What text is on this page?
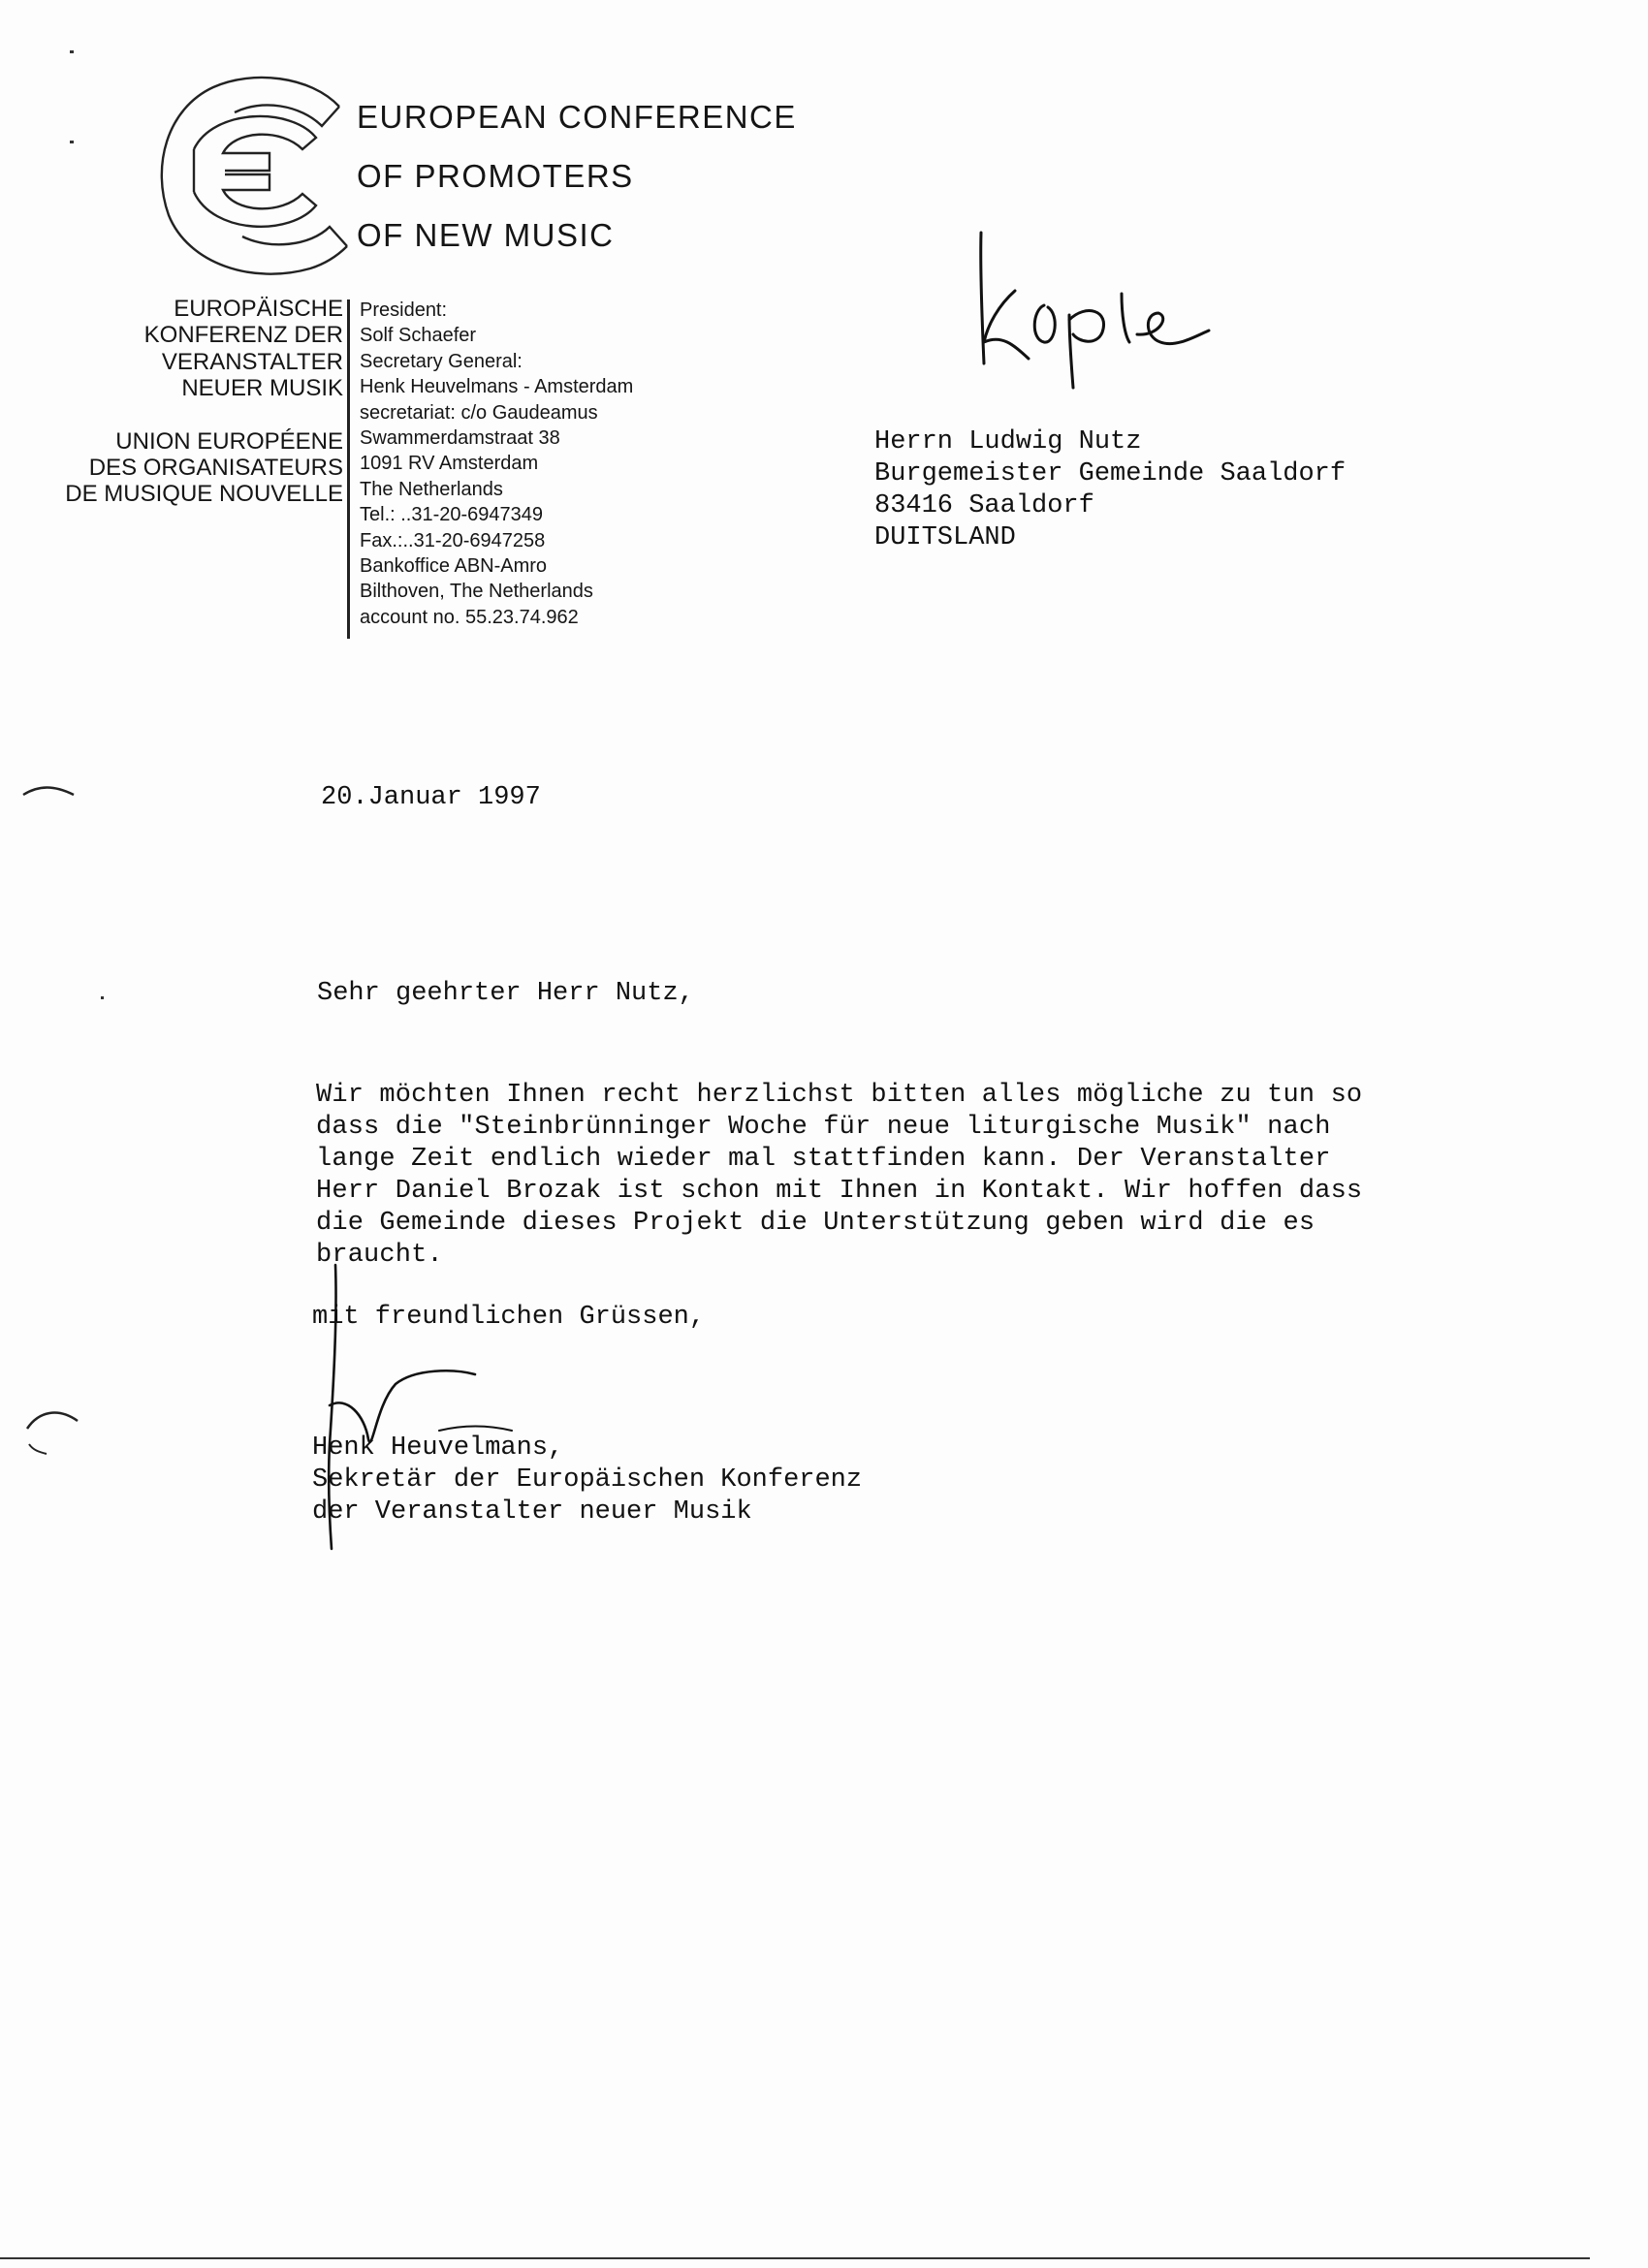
EUROPEAN CONFERENCE
OF PROMOTERS
OF NEW MUSIC
EUROPÄISCHE
KONFERENZ DER
VERANSTALTER
NEUER MUSIK
UNION EUROPÉENE
DES ORGANISATEURS
DE MUSIQUE NOUVELLE
President:
Solf Schaefer
Secretary General:
Henk Heuvelmans - Amsterdam
secretariat: c/o Gaudeamus
Swammerdamstraat 38
1091 RV Amsterdam
The Netherlands
Tel.: ..31-20-6947349
Fax.:..31-20-6947258
Bankoffice ABN-Amro
Bilthoven, The Netherlands
account no. 55.23.74.962
Herrn Ludwig Nutz
Burgemeister Gemeinde Saaldorf
83416 Saaldorf
DUITSLAND
20.Januar 1997
Sehr geehrter Herr Nutz,
Wir möchten Ihnen recht herzlichst bitten alles mögliche zu tun so
dass die "Steinbrünninger Woche für neue liturgische Musik" nach
lange Zeit endlich wieder mal stattfinden kann. Der Veranstalter
Herr Daniel Brozak ist schon mit Ihnen in Kontakt. Wir hoffen dass
die Gemeinde dieses Projekt die Unterstützung geben wird die es
braucht.
mit freundlichen Grüssen,
Henk Heuvelmans,
Sekretär der Europäischen Konferenz
der Veranstalter neuer Musik
